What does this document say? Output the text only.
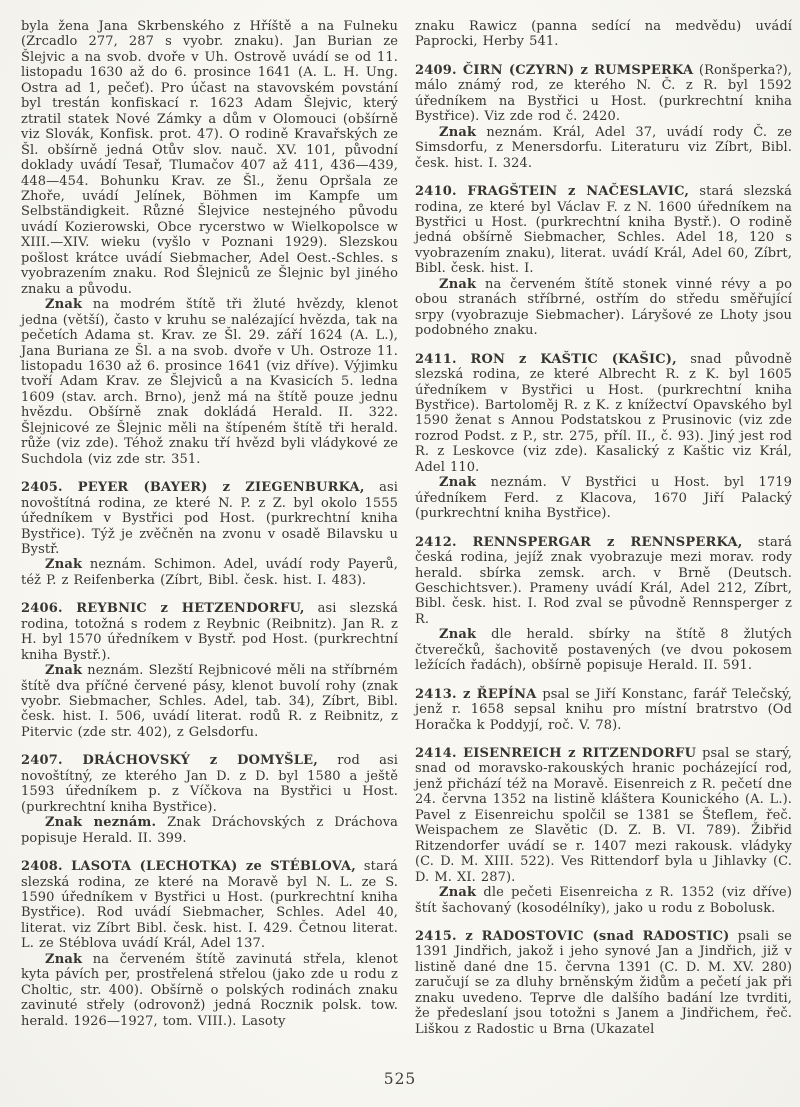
byla žena Jana Skrbenského z Hříště a na Fulneku (Zrcadlo 277, 287 s vyobr. znaku). Jan Burian ze Šlejvic a na svob. dvoře v Uh. Ostrově uvádí se od 11. listopadu 1630 až do 6. prosince 1641 (A. L. H. Ung. Ostra ad 1, pečeť). Pro účast na stavovském povstání byl trestán konfiskací r. 1623 Adam Šlejvic, který ztratil statek Nové Zámky a dům v Olomouci (obšírně viz Slovák, Konfisk. prot. 47). O rodině Kravařských ze Šl. obšírně jedná Otův slov. nauč. XV. 101, původní doklady uvádí Tesař, Tlumačov 407 až 411, 436—439, 448—454. Bohunku Krav. ze Šl., ženu Opršala ze Zhoře, uvádí Jelínek, Böhmen im Kampfe um Selbständigkeit. Různé Šlejvice nestejného původu uvádí Kozierowski, Obce rycerstwo w Wielkopolsce w XIII.—XIV. wieku (vyšlo v Poznani 1929). Slezskou pošlost krátce uvádí Siebmacher, Adel Oest.-Schles. s vyobrazením znaku. Rod Šlejniců ze Šlejnic byl jiného znaku a původu.

Znak na modrém štítě tři žluté hvězdy, klenot jedna (větší), často v kruhu se nalézající hvězda, tak na pečetích Adama st. Krav. ze Šl. 29. září 1624 (A. L.), Jana Buriana ze Šl. a na svob. dvoře v Uh. Ostroze 11. listopadu 1630 až 6. prosince 1641 (viz dříve). Výjimku tvoří Adam Krav. ze Šlejviců a na Kvasicích 5. ledna 1609 (stav. arch. Brno), jenž má na štítě pouze jednu hvězdu. Obšírně znak dokládá Herald. II. 322. Šlejnicové ze Šlejnic měli na štípeném štítě tři herald. růže (viz zde). Téhož znaku tří hvězd byli vládykové ze Suchdola (viz zde str. 351.

2405. PEYER (BAYER) z ZIEGENBURKA, asi novoštítná rodina, ze které N. P. z Z. byl okolo 1555 úředníkem v Bystřici pod Host. (purkrechtní kniha Bystřice). Týž je zvěčněn na zvonu v osadě Bilavsku u Bystř.

Znak neznám. Schimon. Adel, uvádí rody Payerů, též P. z Reifenberka (Zíbrt, Bibl. česk. hist. I. 483).

2406. REYBNIC z HETZENDORFU, asi slezská rodina, totožná s rodem z Reybnic (Reibnitz). Jan R. z H. byl 1570 úředníkem v Bystř. pod Host. (purkrechtní kniha Bystř.).

Znak neznám. Slezští Rejbnicové měli na stříbrném štítě dva příčné červené pásy, klenot buvolí rohy (znak vyobr. Siebmacher, Schles. Adel, tab. 34), Zíbrt, Bibl. česk. hist. I. 506, uvádí literat. rodů R. z Reibnitz, z Pitervic (zde str. 402), z Gelsdorfu.

2407. DRÁCHOVSKÝ z DOMYŠLE, rod asi novoštítný, ze kterého Jan D. z D. byl 1580 a ještě 1593 úředníkem p. z Víčkova na Bystřici u Host. (purkrechtní kniha Bystřice).

Znak neznám. Znak Dráchovských z Dráchova popisuje Herald. II. 399.

2408. LASOTA (LECHOTKA) ze STÉBLOVA, stará slezská rodina, ze které na Moravě byl N. L. ze S. 1590 úředníkem v Bystřici u Host. (purkrechtní kniha Bystřice). Rod uvádí Siebmacher, Schles. Adel 40, literat. viz Zíbrt Bibl. česk. hist. I. 429. Četnou literat. L. ze Stéblova uvádí Král, Adel 137.

Znak na červeném štítě zavinutá střela, klenot kyta pávích per, prostřelená střelou (jako zde u rodu z Choltic, str. 400). Obšírně o polských rodinách znaku zavinuté střely (odrovonž) jedná Rocznik polsk. tow. herald. 1926—1927, tom. VIII.). Lasoty

znaku Rawicz (panna sedící na medvědu) uvádí Paprocki, Herby 541.

2409. ČIRN (CZYRN) z RUMSPERKA (Ronšperka?), málo známý rod, ze kterého N. Č. z R. byl 1592 úředníkem na Bystřici u Host. (purkrechtní kniha Bystřice). Viz zde rod č. 2420.

Znak neznám. Král, Adel 37, uvádí rody Č. ze Simsdorfu, z Menersdorfu. Literaturu viz Zíbrt, Bibl. česk. hist. I. 324.

2410. FRAGŠTEIN z NAČESLAVIC, stará slezská rodina, ze které byl Václav F. z N. 1600 úředníkem na Bystřici u Host. (purkrechtní kniha Bystř.). O rodině jedná obšírně Siebmacher, Schles. Adel 18, 120 s vyobrazením znaku), literat. uvádí Král, Adel 60, Zíbrt, Bibl. česk. hist. I.

Znak na červeném štítě stonek vinné révy a po obou stranách stříbrné, ostřím do středu směřující srpy (vyobrazuje Siebmacher). Láryšové ze Lhoty jsou podobného znaku.

2411. RON z KAŠTIC (KAŠIC), snad původně slezská rodina, ze které Albrecht R. z K. byl 1605 úředníkem v Bystřici u Host. (purkrechtní kniha Bystřice). Bartoloměj R. z K. z knížectví Opavského byl 1590 ženat s Annou Podstatskou z Prusinovic (viz zde rozrod Podst. z P., str. 275, příl. II., č. 93). Jiný jest rod R. z Leskovce (viz zde). Kasalický z Kaštic viz Král, Adel 110.

Znak neznám. V Bystřici u Host. byl 1719 úředníkem Ferd. z Klacova, 1670 Jiří Palacký (purkrechtní kniha Bystřice).

2412. RENNSPERGAR z RENNSPERKA, stará česká rodina, jejíž znak vyobrazuje mezi morav. rody herald. sbírka zemsk. arch. v Brně (Deutsch. Geschichtsver.). Prameny uvádí Král, Adel 212, Zíbrt, Bibl. česk. hist. I. Rod zval se původně Rennsperger z R.

Znak dle herald. sbírky na štítě 8 žlutých čtverečků, šachovitě postavených (ve dvou pokosem ležících řadách), obšírně popisuje Herald. II. 591.

2413. z ŘEPÍNA psal se Jiří Konstanc, farář Telečský, jenž r. 1658 sepsal knihu pro místní bratrstvo (Od Horačka k Poddyjí, roč. V. 78).

2414. EISENREICH z RITZENDORFU psal se starý, snad od moravsko-rakouských hranic pocházející rod, jenž přichází též na Moravě. Eisenreich z R. pečetí dne 24. června 1352 na listině kláštera Kounického (A. L.). Pavel z Eisenreichu spolčil se 1381 se Šteflem, řeč. Weispachem ze Slavětic (D. Z. B. VI. 789). Žibřid Ritzendorfer uvádí se r. 1407 mezi rakousk. vládyky (C. D. M. XIII. 522). Ves Rittendorf byla u Jihlavky (C. D. M. XI. 287).

Znak dle pečeti Eisenreicha z R. 1352 (viz dříve) štít šachovaný (kosodélníky), jako u rodu z Bobolusk.

2415. z RADOSTOVIC (snad RADOSTIC) psali se 1391 Jindřich, jakož i jeho synové Jan a Jindřich, již v listině dané dne 15. června 1391 (C. D. M. XV. 280) zaručují se za dluhy brněnským židům a pečetí jak při znaku uvedeno. Teprve dle dalšího badání lze tvrditi, že předeslaní jsou totožni s Janem a Jindřichem, řeč. Liškou z Radostic u Brna (Ukazatel

525
